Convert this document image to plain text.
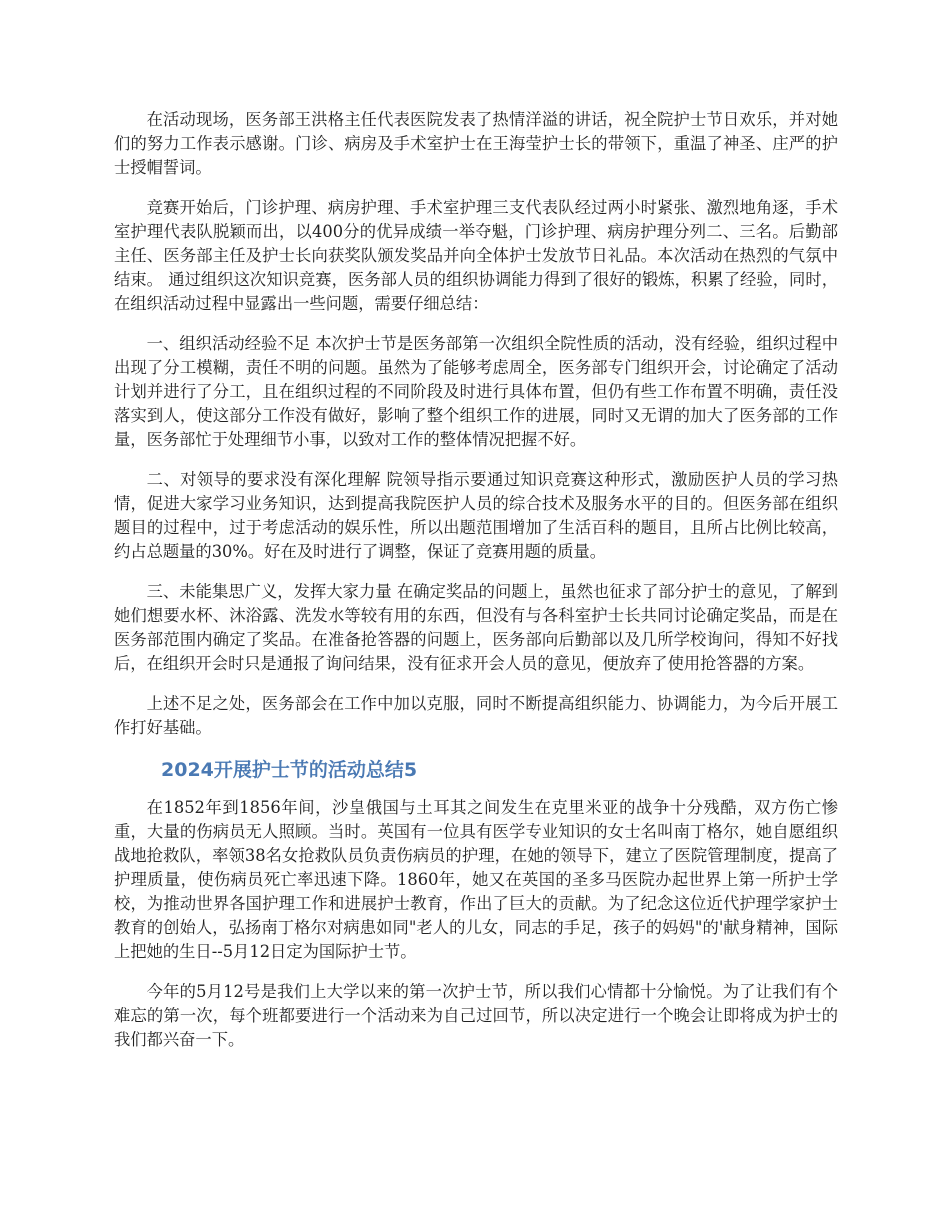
在活动现场，医务部王洪格主任代表医院发表了热情洋溢的讲话，祝全院护士节日欢乐，并对她们的努力工作表示感谢。门诊、病房及手术室护士在王海莹护士长的带领下，重温了神圣、庄严的护士授帽誓词。

竞赛开始后，门诊护理、病房护理、手术室护理三支代表队经过两小时紧张、激烈地角逐，手术室护理代表队脱颖而出，以400分的优异成绩一举夺魁，门诊护理、病房护理分列二、三名。后勤部主任、医务部主任及护士长向获奖队颁发奖品并向全体护士发放节日礼品。本次活动在热烈的气氛中结束。 通过组织这次知识竞赛，医务部人员的组织协调能力得到了很好的锻炼，积累了经验，同时，在组织活动过程中显露出一些问题，需要仔细总结：

一、组织活动经验不足 本次护士节是医务部第一次组织全院性质的活动，没有经验，组织过程中出现了分工模糊，责任不明的问题。虽然为了能够考虑周全，医务部专门组织开会，讨论确定了活动计划并进行了分工，且在组织过程的不同阶段及时进行具体布置，但仍有些工作布置不明确，责任没落实到人，使这部分工作没有做好，影响了整个组织工作的进展，同时又无谓的加大了医务部的工作量，医务部忙于处理细节小事，以致对工作的整体情况把握不好。

二、对领导的要求没有深化理解 院领导指示要通过知识竞赛这种形式，激励医护人员的学习热情，促进大家学习业务知识，达到提高我院医护人员的综合技术及服务水平的目的。但医务部在组织题目的过程中，过于考虑活动的娱乐性，所以出题范围增加了生活百科的题目，且所占比例比较高，约占总题量的30%。好在及时进行了调整，保证了竞赛用题的质量。

三、未能集思广义，发挥大家力量 在确定奖品的问题上，虽然也征求了部分护士的意见，了解到她们想要水杯、沐浴露、洗发水等较有用的东西，但没有与各科室护士长共同讨论确定奖品，而是在医务部范围内确定了奖品。在准备抢答器的问题上，医务部向后勤部以及几所学校询问，得知不好找后，在组织开会时只是通报了询问结果，没有征求开会人员的意见，便放弃了使用抢答器的方案。

上述不足之处，医务部会在工作中加以克服，同时不断提高组织能力、协调能力，为今后开展工作打好基础。

2024开展护士节的活动总结5

在1852年到1856年间，沙皇俄国与土耳其之间发生在克里米亚的战争十分残酷，双方伤亡惨重，大量的伤病员无人照顾。当时。英国有一位具有医学专业知识的女士名叫南丁格尔，她自愿组织战地抢救队，率领38名女抢救队员负责伤病员的护理，在她的领导下，建立了医院管理制度，提高了护理质量，使伤病员死亡率迅速下降。1860年，她又在英国的圣多马医院办起世界上第一所护士学校，为推动世界各国护理工作和进展护士教育，作出了巨大的贡献。为了纪念这位近代护理学家护士教育的创始人，弘扬南丁格尔对病患如同"老人的儿女，同志的手足，孩子的妈妈"的'献身精神，国际上把她的生日--5月12日定为国际护士节。

今年的5月12号是我们上大学以来的第一次护士节，所以我们心情都十分愉悦。为了让我们有个难忘的第一次，每个班都要进行一个活动来为自己过回节，所以决定进行一个晚会让即将成为护士的我们都兴奋一下。
